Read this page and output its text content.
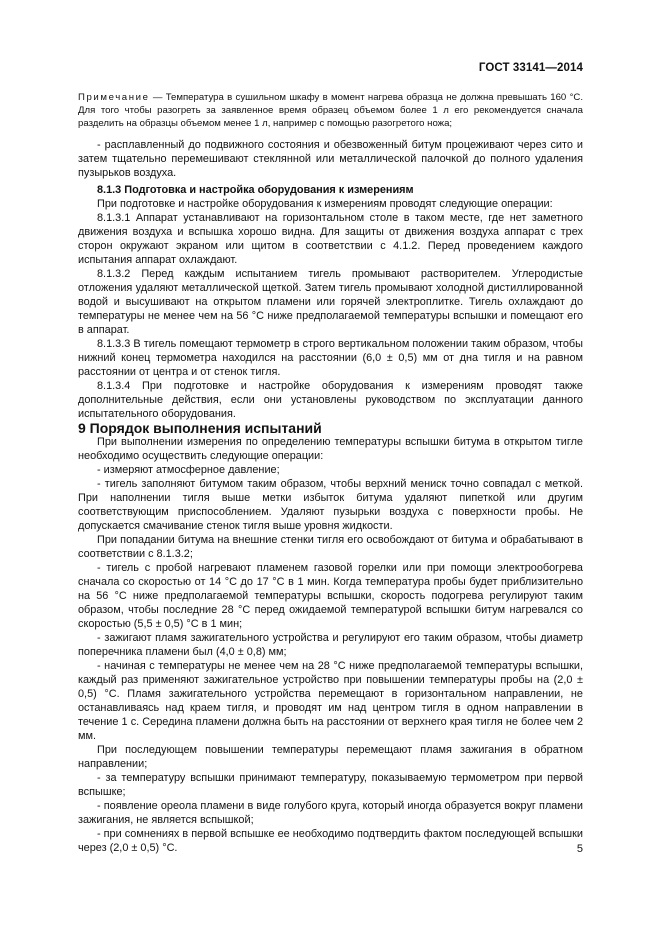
ГОСТ 33141—2014

Примечание — Температура в сушильном шкафу в момент нагрева образца не должна превышать 160 °С. Для того чтобы разогреть за заявленное время образец объемом более 1 л его рекомендуется сначала разделить на образцы объемом менее 1 л, например с помощью разогретого ножа;

- расплавленный до подвижного состояния и обезвоженный битум процеживают через сито и затем тщательно перемешивают стеклянной или металлической палочкой до полного удаления пузырьков воздуха.

8.1.3 Подготовка и настройка оборудования к измерениям

При подготовке и настройке оборудования к измерениям проводят следующие операции:

8.1.3.1 Аппарат устанавливают на горизонтальном столе в таком месте, где нет заметного движения воздуха и вспышка хорошо видна. Для защиты от движения воздуха аппарат с трех сторон окружают экраном или щитом в соответствии с 4.1.2. Перед проведением каждого испытания аппарат охлаждают.

8.1.3.2 Перед каждым испытанием тигель промывают растворителем. Углеродистые отложения удаляют металлической щеткой. Затем тигель промывают холодной дистиллированной водой и высушивают на открытом пламени или горячей электроплитке. Тигель охлаждают до температуры не менее чем на 56 °С ниже предполагаемой температуры вспышки и помещают его в аппарат.

8.1.3.3 В тигель помещают термометр в строго вертикальном положении таким образом, чтобы нижний конец термометра находился на расстоянии (6,0 ± 0,5) мм от дна тигля и на равном расстоянии от центра и от стенок тигля.

8.1.3.4 При подготовке и настройке оборудования к измерениям проводят также дополнительные действия, если они установлены руководством по эксплуатации данного испытательного оборудования.

9 Порядок выполнения испытаний

При выполнении измерения по определению температуры вспышки битума в открытом тигле необходимо осуществить следующие операции:

- измеряют атмосферное давление;

- тигель заполняют битумом таким образом, чтобы верхний мениск точно совпадал с меткой. При наполнении тигля выше метки избыток битума удаляют пипеткой или другим соответствующим приспособлением. Удаляют пузырьки воздуха с поверхности пробы. Не допускается смачивание стенок тигля выше уровня жидкости.

При попадании битума на внешние стенки тигля его освобождают от битума и обрабатывают в соответствии с 8.1.3.2;

- тигель с пробой нагревают пламенем газовой горелки или при помощи электрообогрева сначала со скоростью от 14 °С до 17 °С в 1 мин. Когда температура пробы будет приблизительно на 56 °С ниже предполагаемой температуры вспышки, скорость подогрева регулируют таким образом, чтобы последние 28 °С перед ожидаемой температурой вспышки битум нагревался со скоростью (5,5 ± 0,5) °С в 1 мин;

- зажигают пламя зажигательного устройства и регулируют его таким образом, чтобы диаметр поперечника пламени был (4,0 ± 0,8) мм;

- начиная с температуры не менее чем на 28 °С ниже предполагаемой температуры вспышки, каждый раз применяют зажигательное устройство при повышении температуры пробы на (2,0 ± 0,5) °С. Пламя зажигательного устройства перемещают в горизонтальном направлении, не останавливаясь над краем тигля, и проводят им над центром тигля в одном направлении в течение 1 с. Середина пламени должна быть на расстоянии от верхнего края тигля не более чем 2 мм.

При последующем повышении температуры перемещают пламя зажигания в обратном направлении;

- за температуру вспышки принимают температуру, показываемую термометром при первой вспышке;

- появление ореола пламени в виде голубого круга, который иногда образуется вокруг пламени зажигания, не является вспышкой;

- при сомнениях в первой вспышке ее необходимо подтвердить фактом последующей вспышки через (2,0 ± 0,5) °С.	5
